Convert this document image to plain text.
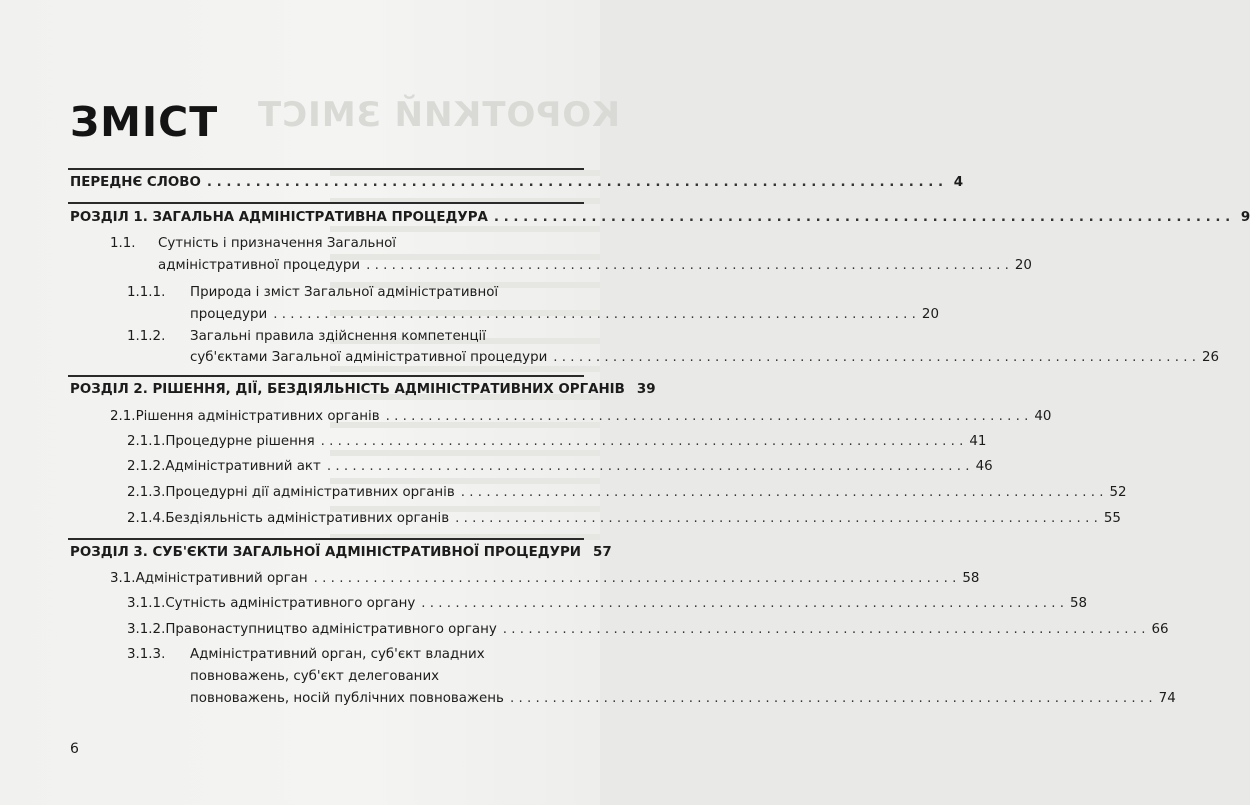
КОРОТКИЙ ЗМІСТ
ЗМІСТ
ПЕРЕДНЄ СЛОВО . . .	4
РОЗДІЛ 1. ЗАГАЛЬНА АДМІНІСТРАТИВНА ПРОЦЕДУРА . . .	9
1.1. Сутність і призначення Загальної
адміністративної процедури . . .	20
1.1.1. Природа і зміст Загальної адміністративної
процедури . . .	20
1.1.2. Загальні правила здійснення компетенції
суб'єктами Загальної адміністративної процедури . . .	26
РОЗДІЛ 2. РІШЕННЯ, ДІЇ, БЕЗДІЯЛЬНІСТЬ АДМІНІСТРАТИВНИХ ОРГАНІВ 39
2.1. Рішення адміністративних органів . . .	40
2.1.1. Процедурне рішення . . .	41
2.1.2. Адміністративний акт . . .	46
2.1.3. Процедурні дії адміністративних органів . . .	52
2.1.4. Бездіяльність адміністративних органів . . .	55
РОЗДІЛ 3. СУБ'ЄКТИ ЗАГАЛЬНОЇ АДМІНІСТРАТИВНОЇ ПРОЦЕДУРИ 57
3.1. Адміністративний орган . . .	58
3.1.1. Сутність адміністративного органу . . .	58
3.1.2. Правонаступництво адміністративного органу . . .	66
3.1.3. Адміністративний орган, суб'єкт владних
повноважень, суб'єкт делегованих
повноважень, носій публічних повноважень . . .	74
6
